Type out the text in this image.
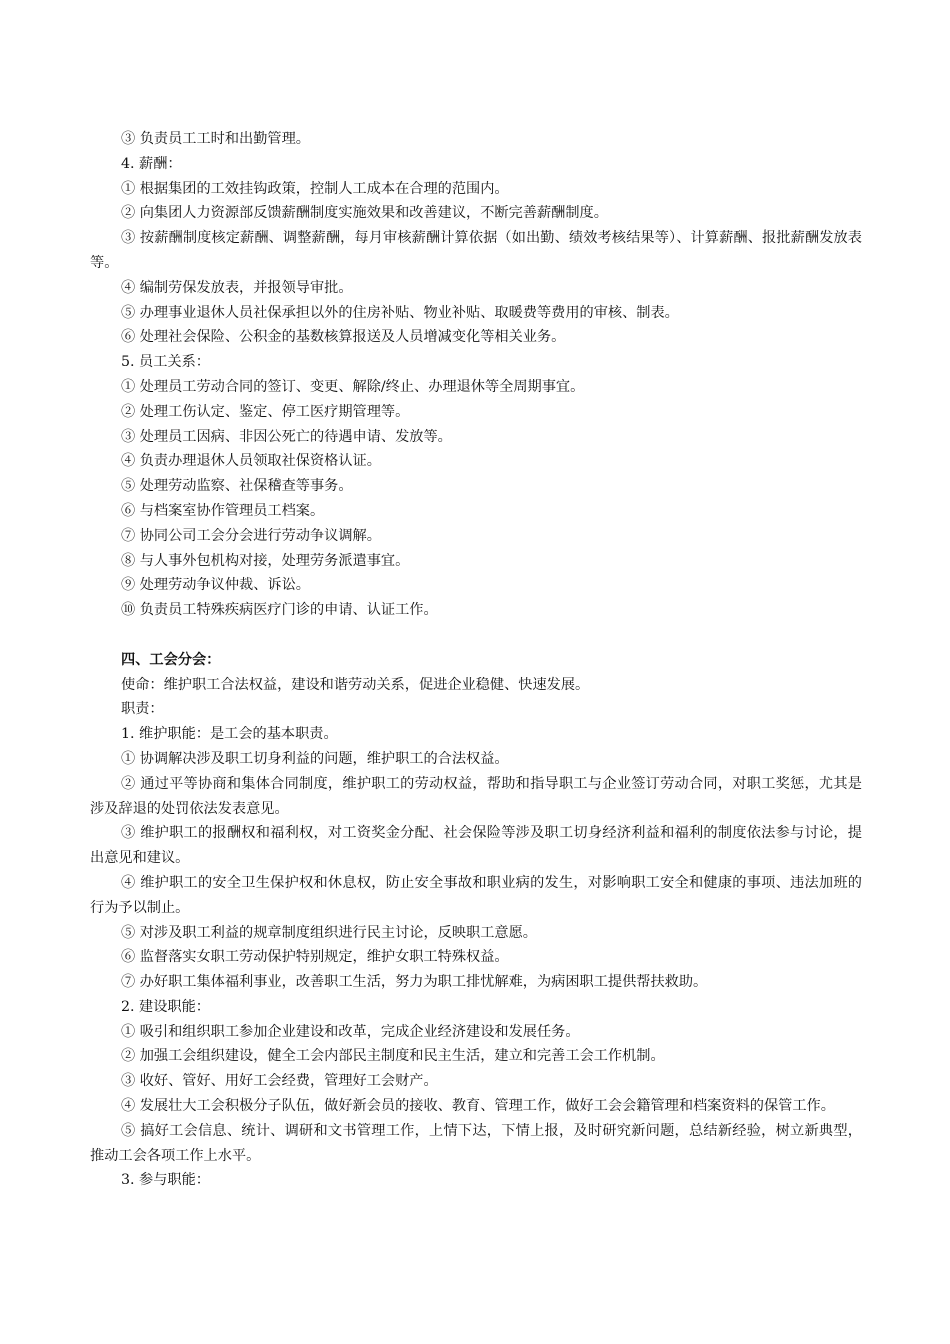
③ 负责员工工时和出勤管理。

4. 薪酬：

① 根据集团的工效挂钩政策，控制人工成本在合理的范围内。

② 向集团人力资源部反馈薪酬制度实施效果和改善建议，不断完善薪酬制度。

③ 按薪酬制度核定薪酬、调整薪酬，每月审核薪酬计算依据（如出勤、绩效考核结果等）、计算薪酬、报批薪酬发放表等。

④ 编制劳保发放表，并报领导审批。

⑤ 办理事业退休人员社保承担以外的住房补贴、物业补贴、取暖费等费用的审核、制表。

⑥ 处理社会保险、公积金的基数核算报送及人员增减变化等相关业务。

5. 员工关系：

① 处理员工劳动合同的签订、变更、解除/终止、办理退休等全周期事宜。

② 处理工伤认定、鉴定、停工医疗期管理等。

③ 处理员工因病、非因公死亡的待遇申请、发放等。

④ 负责办理退休人员领取社保资格认证。

⑤ 处理劳动监察、社保稽查等事务。

⑥ 与档案室协作管理员工档案。

⑦ 协同公司工会分会进行劳动争议调解。

⑧ 与人事外包机构对接，处理劳务派遣事宜。

⑨ 处理劳动争议仲裁、诉讼。

⑩ 负责员工特殊疾病医疗门诊的申请、认证工作。

四、工会分会：

使命：维护职工合法权益，建设和谐劳动关系，促进企业稳健、快速发展。

职责：

1. 维护职能：是工会的基本职责。

① 协调解决涉及职工切身利益的问题，维护职工的合法权益。

② 通过平等协商和集体合同制度，维护职工的劳动权益，帮助和指导职工与企业签订劳动合同，对职工奖惩，尤其是涉及辞退的处罚依法发表意见。

③ 维护职工的报酬权和福利权，对工资奖金分配、社会保险等涉及职工切身经济利益和福利的制度依法参与讨论，提出意见和建议。

④ 维护职工的安全卫生保护权和休息权，防止安全事故和职业病的发生，对影响职工安全和健康的事项、违法加班的行为予以制止。

⑤ 对涉及职工利益的规章制度组织进行民主讨论，反映职工意愿。

⑥ 监督落实女职工劳动保护特别规定，维护女职工特殊权益。

⑦ 办好职工集体福利事业，改善职工生活，努力为职工排忧解难，为病困职工提供帮扶救助。

2. 建设职能：

① 吸引和组织职工参加企业建设和改革，完成企业经济建设和发展任务。

② 加强工会组织建设，健全工会内部民主制度和民主生活，建立和完善工会工作机制。

③ 收好、管好、用好工会经费，管理好工会财产。

④ 发展壮大工会积极分子队伍，做好新会员的接收、教育、管理工作，做好工会会籍管理和档案资料的保管工作。

⑤ 搞好工会信息、统计、调研和文书管理工作，上情下达，下情上报，及时研究新问题，总结新经验，树立新典型，推动工会各项工作上水平。

3. 参与职能：
